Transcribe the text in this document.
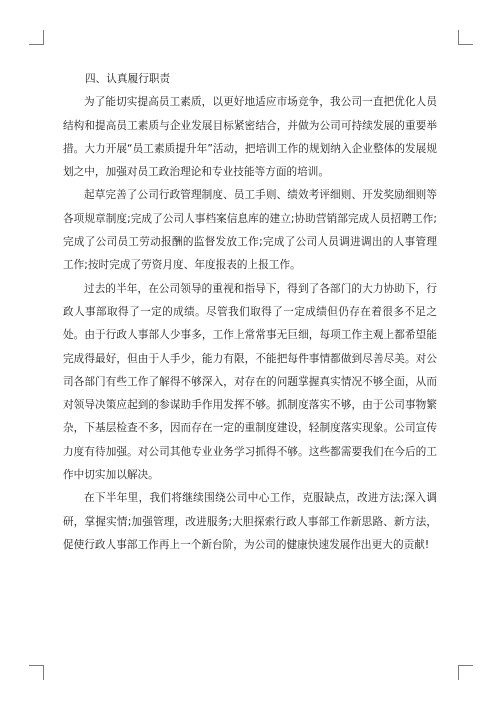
四、认真履行职责

为了能切实提高员工素质，以更好地适应市场竞争，我公司一直把优化人员结构和提高员工素质与企业发展目标紧密结合，并做为公司可持续发展的重要举措。大力开展“员工素质提升年”活动，把培训工作的规划纳入企业整体的发展规划之中，加强对员工政治理论和专业技能等方面的培训。

起草完善了公司行政管理制度、员工手则、绩效考评细则、开发奖励细则等各项规章制度;完成了公司人事档案信息库的建立;协助营销部完成人员招聘工作;完成了公司员工劳动报酬的监督发放工作;完成了公司人员调进调出的人事管理工作;按时完成了劳资月度、年度报表的上报工作。

过去的半年，在公司领导的重视和指导下，得到了各部门的大力协助下，行政人事部取得了一定的成绩。尽管我们取得了一定成绩但仍存在着很多不足之处。由于行政人事部人少事多，工作上常常事无巨细，每项工作主观上都希望能完成得最好，但由于人手少，能力有限，不能把每件事情都做到尽善尽美。对公司各部门有些工作了解得不够深入，对存在的问题掌握真实情况不够全面，从而对领导决策应起到的参谋助手作用发挥不够。抓制度落实不够，由于公司事物繁杂，下基层检查不多，因而存在一定的重制度建设，轻制度落实现象。公司宣传力度有待加强。对公司其他专业业务学习抓得不够。这些都需要我们在今后的工作中切实加以解决。

在下半年里，我们将继续围绕公司中心工作，克服缺点，改进方法;深入调研，掌握实情;加强管理，改进服务;大胆探索行政人事部工作新思路、新方法，促使行政人事部工作再上一个新台阶，为公司的健康快速发展作出更大的贡献!
